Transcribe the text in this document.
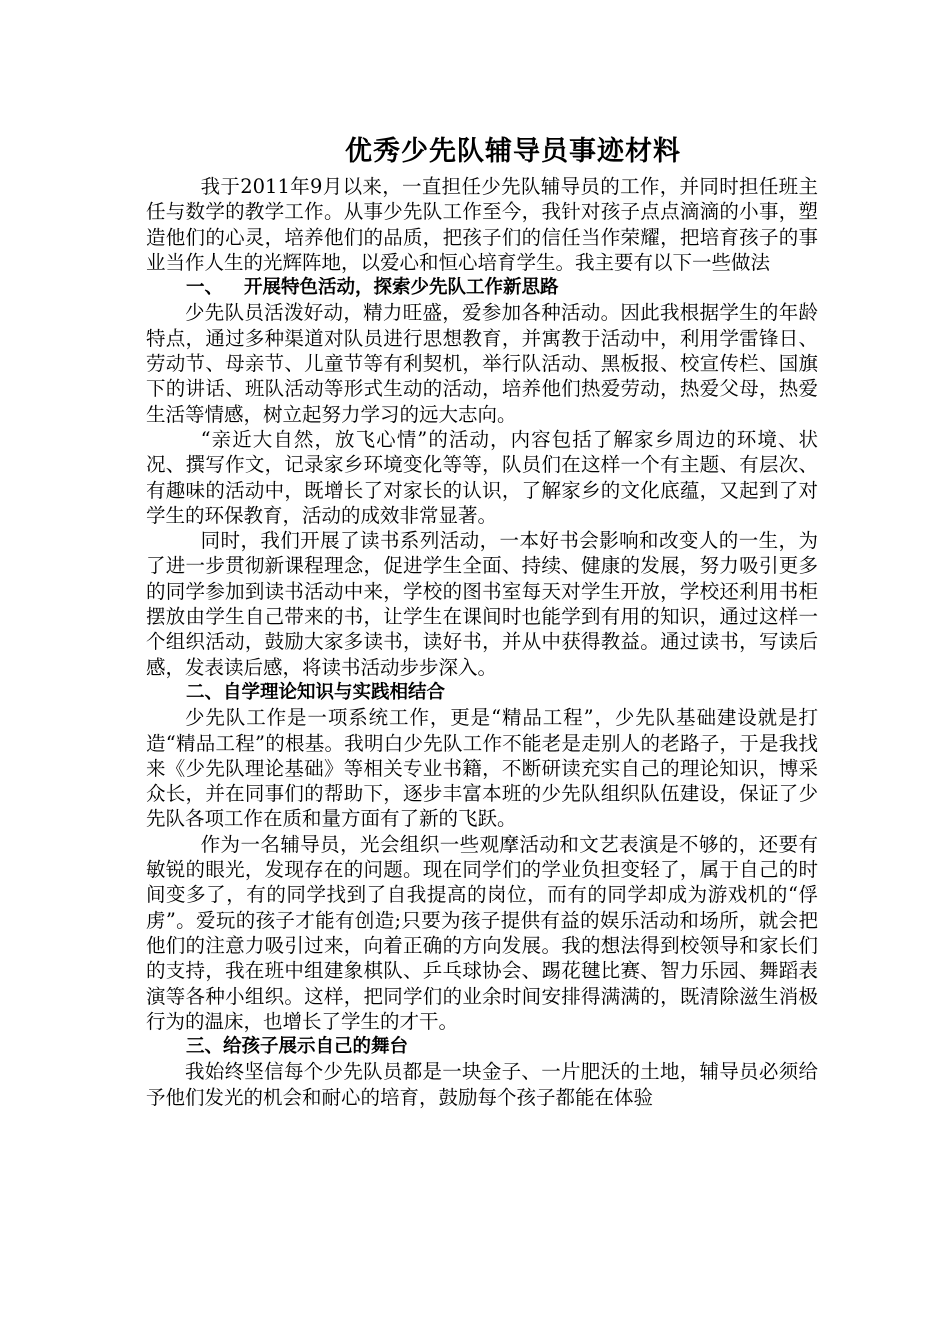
优秀少先队辅导员事迹材料

我于2011年9月以来，一直担任少先队辅导员的工作，并同时担任班主任与数学的教学工作。从事少先队工作至今，我针对孩子点点滴滴的小事，塑造他们的心灵，培养他们的品质，把孩子们的信任当作荣耀，把培育孩子的事业当作人生的光辉阵地，以爱心和恒心培育学生。我主要有以下一些做法

一、 开展特色活动，探索少先队工作新思路

少先队员活泼好动，精力旺盛，爱参加各种活动。因此我根据学生的年龄特点，通过多种渠道对队员进行思想教育，并寓教于活动中，利用学雷锋日、劳动节、母亲节、儿童节等有利契机，举行队活动、黑板报、校宣传栏、国旗下的讲话、班队活动等形式生动的活动，培养他们热爱劳动，热爱父母，热爱生活等情感，树立起努力学习的远大志向。

“亲近大自然，放飞心情”的活动，内容包括了解家乡周边的环境、状况、撰写作文，记录家乡环境变化等等，队员们在这样一个有主题、有层次、有趣味的活动中，既增长了对家长的认识，了解家乡的文化底蕴，又起到了对学生的环保教育，活动的成效非常显著。

同时，我们开展了读书系列活动，一本好书会影响和改变人的一生，为了进一步贯彻新课程理念，促进学生全面、持续、健康的发展，努力吸引更多的同学参加到读书活动中来，学校的图书室每天对学生开放，学校还利用书柜摆放由学生自己带来的书，让学生在课间时也能学到有用的知识，通过这样一个组织活动，鼓励大家多读书，读好书，并从中获得教益。通过读书，写读后感，发表读后感，将读书活动步步深入。

二、自学理论知识与实践相结合

少先队工作是一项系统工作，更是“精品工程”，少先队基础建设就是打造“精品工程”的根基。我明白少先队工作不能老是走别人的老路子，于是我找来《少先队理论基础》等相关专业书籍，不断研读充实自己的理论知识，博采众长，并在同事们的帮助下，逐步丰富本班的少先队组织队伍建设，保证了少先队各项工作在质和量方面有了新的飞跃。

作为一名辅导员，光会组织一些观摩活动和文艺表演是不够的，还要有敏锐的眼光，发现存在的问题。现在同学们的学业负担变轻了，属于自己的时间变多了，有的同学找到了自我提高的岗位，而有的同学却成为游戏机的“俘虏”。爱玩的孩子才能有创造;只要为孩子提供有益的娱乐活动和场所，就会把他们的注意力吸引过来，向着正确的方向发展。我的想法得到校领导和家长们的支持，我在班中组建象棋队、乒乓球协会、踢花毽比赛、智力乐园、舞蹈表演等各种小组织。这样，把同学们的业余时间安排得满满的，既清除滋生消极行为的温床，也增长了学生的才干。

三、给孩子展示自己的舞台

我始终坚信每个少先队员都是一块金子、一片肥沃的土地，辅导员必须给予他们发光的机会和耐心的培育，鼓励每个孩子都能在体验
